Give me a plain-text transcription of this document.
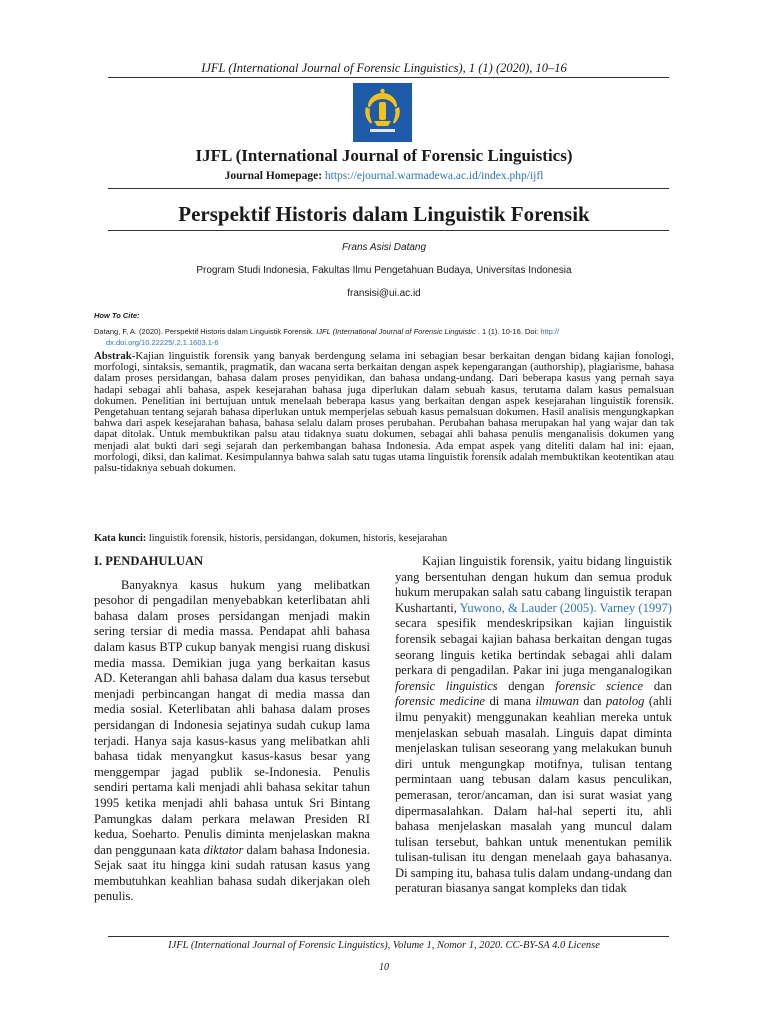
IJFL (International Journal of Forensic Linguistics), 1 (1) (2020), 10–16
IJFL (International Journal of Forensic Linguistics)
Journal Homepage: https://ejournal.warmadewa.ac.id/index.php/ijfl
Perspektif Historis dalam Linguistik Forensik
Frans Asisi Datang
Program Studi Indonesia, Fakultas Ilmu Pengetahuan Budaya, Universitas Indonesia
fransisi@ui.ac.id
How To Cite:
Datang, F, A. (2020). Perspektif Historis dalam Linguistik Forensik. IJFL (International Journal of Forensic Linguistic . 1 (1). 10-16. Doi: http://
dx.doi.org/10.22225/.2.1.1603.1-6
Abstrak-Kajian linguistik forensik yang banyak berdengung selama ini sebagian besar berkaitan dengan bidang kajian fonologi, morfologi, sintaksis, semantik, pragmatik, dan wacana serta berkaitan dengan aspek kepengarangan (authorship), plagiarisme, bahasa dalam proses persidangan, bahasa dalam proses penyidikan, dan bahasa undang-undang. Dari beberapa kasus yang pernah saya hadapi sebagai ahli bahasa, aspek kesejarahan bahasa juga diperlukan dalam sebuah kasus, terutama dalam kasus pemalsuan dokumen. Penelitian ini bertujuan untuk menelaah beberapa kasus yang berkaitan dengan aspek kesejarahan linguistik forensik. Pengetahuan tentang sejarah bahasa diperlukan untuk memperjelas sebuah kasus pemalsuan dokumen. Hasil analisis mengungkapkan bahwa dari aspek kesejarahan bahasa, bahasa selalu dalam proses perubahan. Perubahan bahasa merupakan hal yang wajar dan tak dapat ditolak. Untuk membuktikan palsu atau tidaknya suatu dokumen, sebagai ahli bahasa penulis menganalisis dokumen yang menjadi alat bukti dari segi sejarah dan perkembangan bahasa Indonesia. Ada empat aspek yang diteliti dalam hal ini: ejaan, morfologi, diksi, dan kalimat. Kesimpulannya bahwa salah satu tugas utama linguistik forensik adalah membuktikan keotentikan atau palsu-tidaknya sebuah dokumen.
Kata kunci: linguistik forensik, historis, persidangan, dokumen, historis, kesejarahan
I. PENDAHULUAN

Banyaknya kasus hukum yang melibatkan pesohor di pengadilan menyebabkan keterlibatan ahli bahasa dalam proses persidangan menjadi makin sering tersiar di media massa. Pendapat ahli bahasa dalam kasus BTP cukup banyak mengisi ruang diskusi media massa. Demikian juga yang berkaitan kasus AD. Keterangan ahli bahasa dalam dua kasus tersebut menjadi perbincangan hangat di media massa dan media sosial. Keterlibatan ahli bahasa dalam proses persidangan di Indonesia sejatinya sudah cukup lama terjadi. Hanya saja kasus-kasus yang melibatkan ahli bahasa tidak menyangkut kasus-kasus besar yang menggempar jagad publik se-Indonesia. Penulis sendiri pertama kali menjadi ahli bahasa sekitar tahun 1995 ketika menjadi ahli bahasa untuk Sri Bintang Pamungkas dalam perkara melawan Presiden RI kedua, Soeharto. Penulis diminta menjelaskan makna dan penggunaan kata diktator dalam bahasa Indonesia. Sejak saat itu hingga kini sudah ratusan kasus yang membutuhkan keahlian bahasa sudah dikerjakan oleh penulis.

Kajian linguistik forensik, yaitu bidang linguistik yang bersentuhan dengan hukum dan semua produk hukum merupakan salah satu cabang linguistik terapan Kushartanti, Yuwono, & Lauder (2005). Varney (1997) secara spesifik mendeskripsikan kajian linguistik forensik sebagai kajian bahasa berkaitan dengan tugas seorang linguis ketika bertindak sebagai ahli dalam perkara di pengadilan. Pakar ini juga menganalogikan forensic linguistics dengan forensic science dan forensic medicine di mana ilmuwan dan patolog (ahli ilmu penyakit) menggunakan keahlian mereka untuk menjelaskan sebuah masalah. Linguis dapat diminta menjelaskan tulisan seseorang yang melakukan bunuh diri untuk mengungkap motifnya, tulisan tentang permintaan uang tebusan dalam kasus penculikan, pemerasan, teror/ancaman, dan isi surat wasiat yang dipermasalahkan. Dalam hal-hal seperti itu, ahli bahasa menjelaskan masalah yang muncul dalam tulisan tersebut, bahkan untuk menentukan pemilik tulisan-tulisan itu dengan menelaah gaya bahasanya. Di samping itu, bahasa tulis dalam undang-undang dan peraturan biasanya sangat kompleks dan tidak

IJFL (International Journal of Forensic Linguistics), Volume 1, Nomor 1, 2020. CC-BY-SA 4.0 License
10
